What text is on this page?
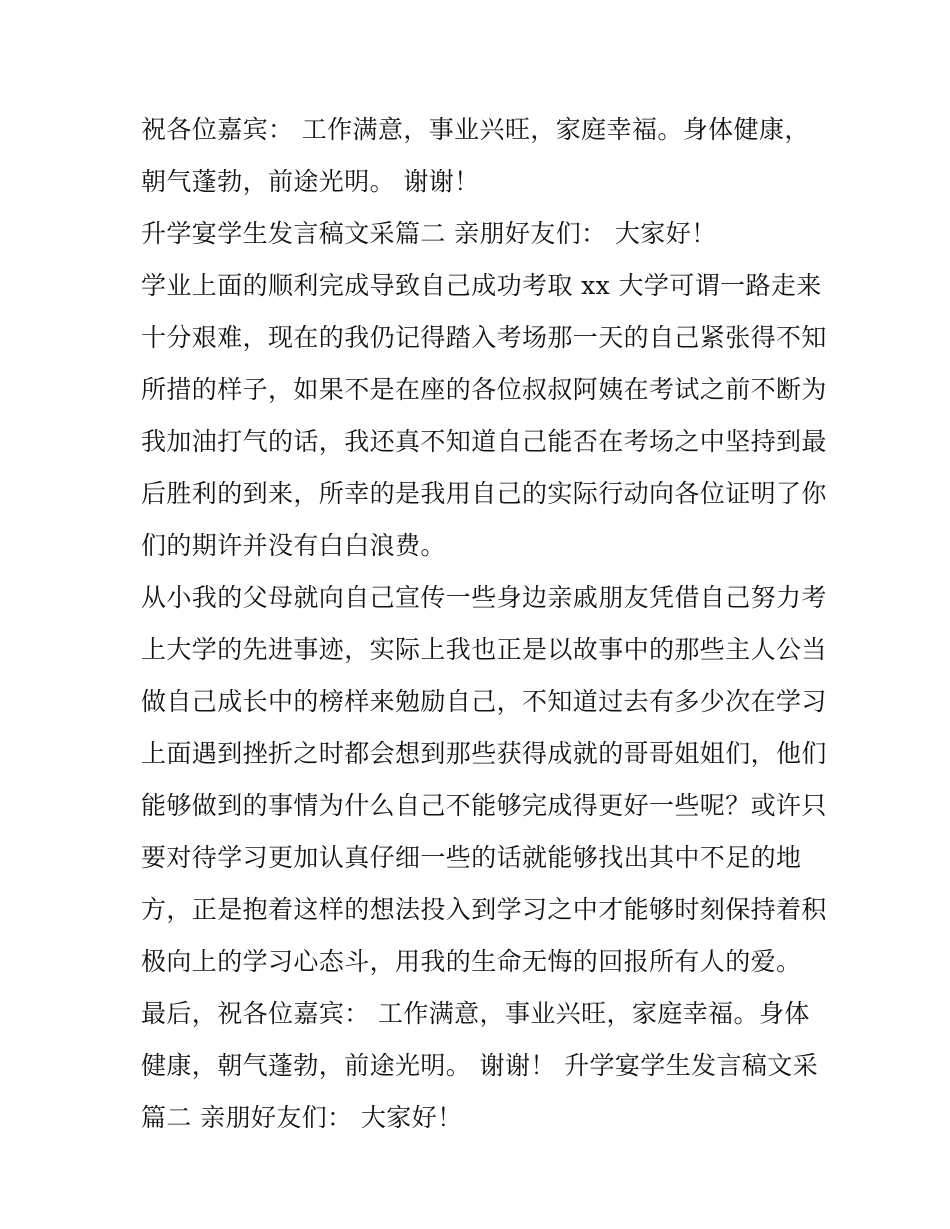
祝各位嘉宾： 工作满意，事业兴旺，家庭幸福。身体健康，
朝气蓬勃，前途光明。 谢谢！
升学宴学生发言稿文采篇二 亲朋好友们： 大家好！
学业上面的顺利完成导致自己成功考取 xx 大学可谓一路走来
十分艰难，现在的我仍记得踏入考场那一天的自己紧张得不知
所措的样子，如果不是在座的各位叔叔阿姨在考试之前不断为
我加油打气的话，我还真不知道自己能否在考场之中坚持到最
后胜利的到来，所幸的是我用自己的实际行动向各位证明了你
们的期许并没有白白浪费。
从小我的父母就向自己宣传一些身边亲戚朋友凭借自己努力考
上大学的先进事迹，实际上我也正是以故事中的那些主人公当
做自己成长中的榜样来勉励自己，不知道过去有多少次在学习
上面遇到挫折之时都会想到那些获得成就的哥哥姐姐们，他们
能够做到的事情为什么自己不能够完成得更好一些呢？或许只
要对待学习更加认真仔细一些的话就能够找出其中不足的地
方，正是抱着这样的想法投入到学习之中才能够时刻保持着积
极向上的学习心态斗，用我的生命无悔的回报所有人的爱。
最后，祝各位嘉宾： 工作满意，事业兴旺，家庭幸福。身体
健康，朝气蓬勃，前途光明。 谢谢！ 升学宴学生发言稿文采
篇二 亲朋好友们： 大家好！
